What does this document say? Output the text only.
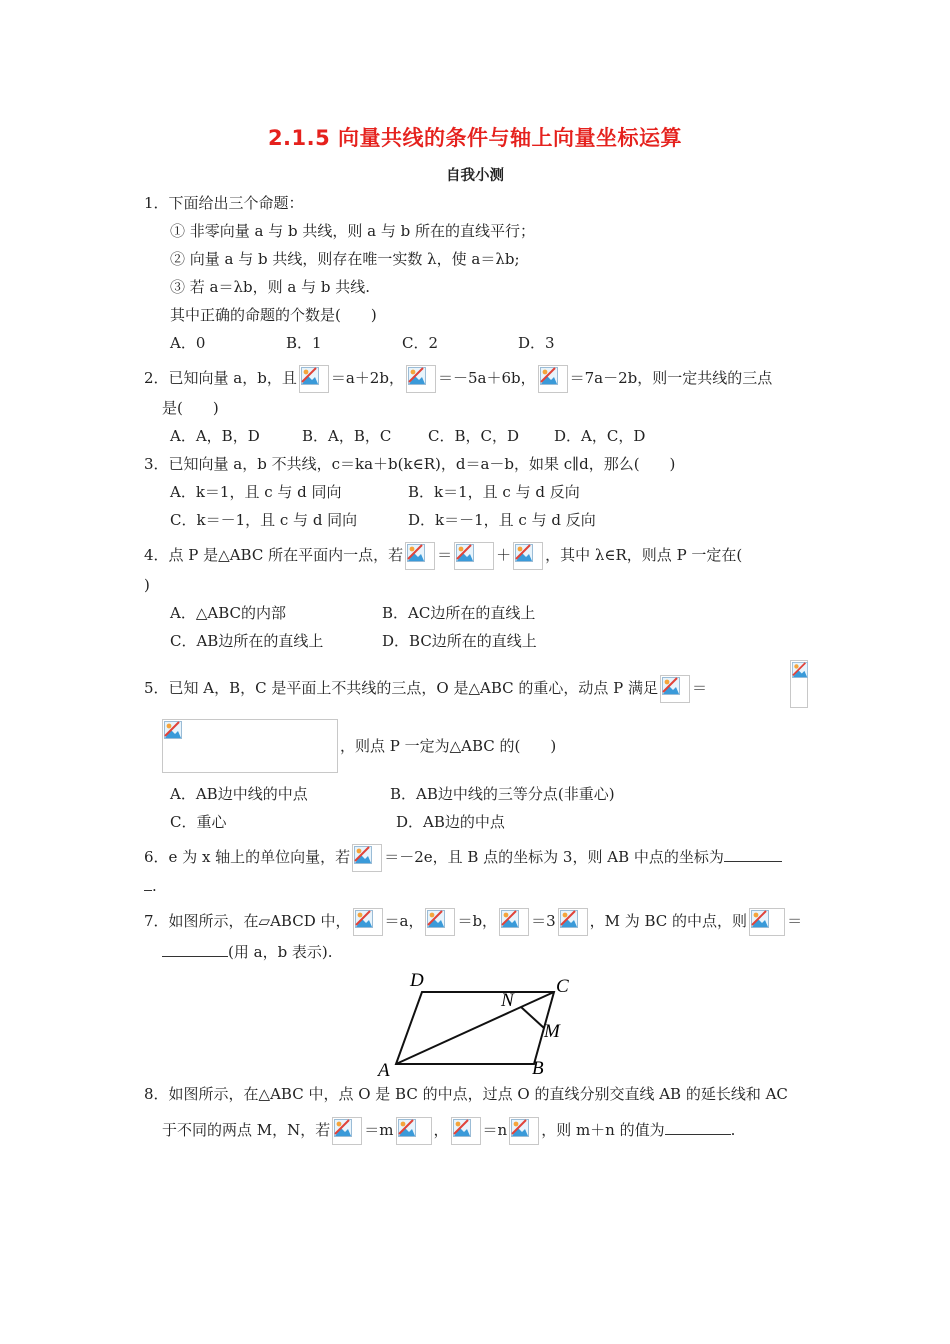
2.1.5 向量共线的条件与轴上向量坐标运算
自我小测
1．下面给出三个命题：
① 非零向量 a 与 b 共线，则 a 与 b 所在的直线平行；
② 向量 a 与 b 共线，则存在唯一实数 λ，使 a＝λb;
③ 若 a＝λb，则 a 与 b 共线.
其中正确的命题的个数是(　　)
A．0	B．1	C．2	D．3
2．已知向量 a，b，且 ＝a＋2b， ＝－5a＋6b， ＝7a－2b，则一定共线的三点
是(　　)
A．A，B，D	B．A，B，C C．B，C，D D．A，C，D
3．已知向量 a，b 不共线，c＝ka＋b(k∈R)，d＝a－b，如果 c∥d，那么(　　)
A．k＝1，且 c 与 d 同向	B．k＝1，且 c 与 d 反向
C．k＝－1，且 c 与 d 同向	D．k＝－1，且 c 与 d 反向
4．点 P 是△ABC 所在平面内一点，若 ＝	＋ ，其中 λ∈R，则点 P 一定在(
)
A．△ABC的内部	B．AC边所在的直线上
C．AB边所在的直线上	D．BC边所在的直线上
5．已知 A，B，C 是平面上不共线的三点，O 是△ABC 的重心，动点 P 满足 ＝
，则点 P 一定为△ABC 的(　　)
A．AB边中线的中点	B．AB边中线的三等分点(非重心)
C．重心	D．AB边的中点
6．e 为 x 轴上的单位向量，若 ＝－2e，且 B 点的坐标为 3，则 AB 中点的坐标为
.
7．如图所示，在▱ABCD 中， ＝a， ＝b， ＝3 ，M 为 BC 的中点，则	＝
(用 a，b 表示).
D	C
N
M
A	B
8．如图所示，在△ABC 中，点 O 是 BC 的中点，过点 O 的直线分别交直线 AB 的延长线和 AC
于不同的两点 M，N，若 ＝m	， ＝n ，则 m＋n 的值为	.
